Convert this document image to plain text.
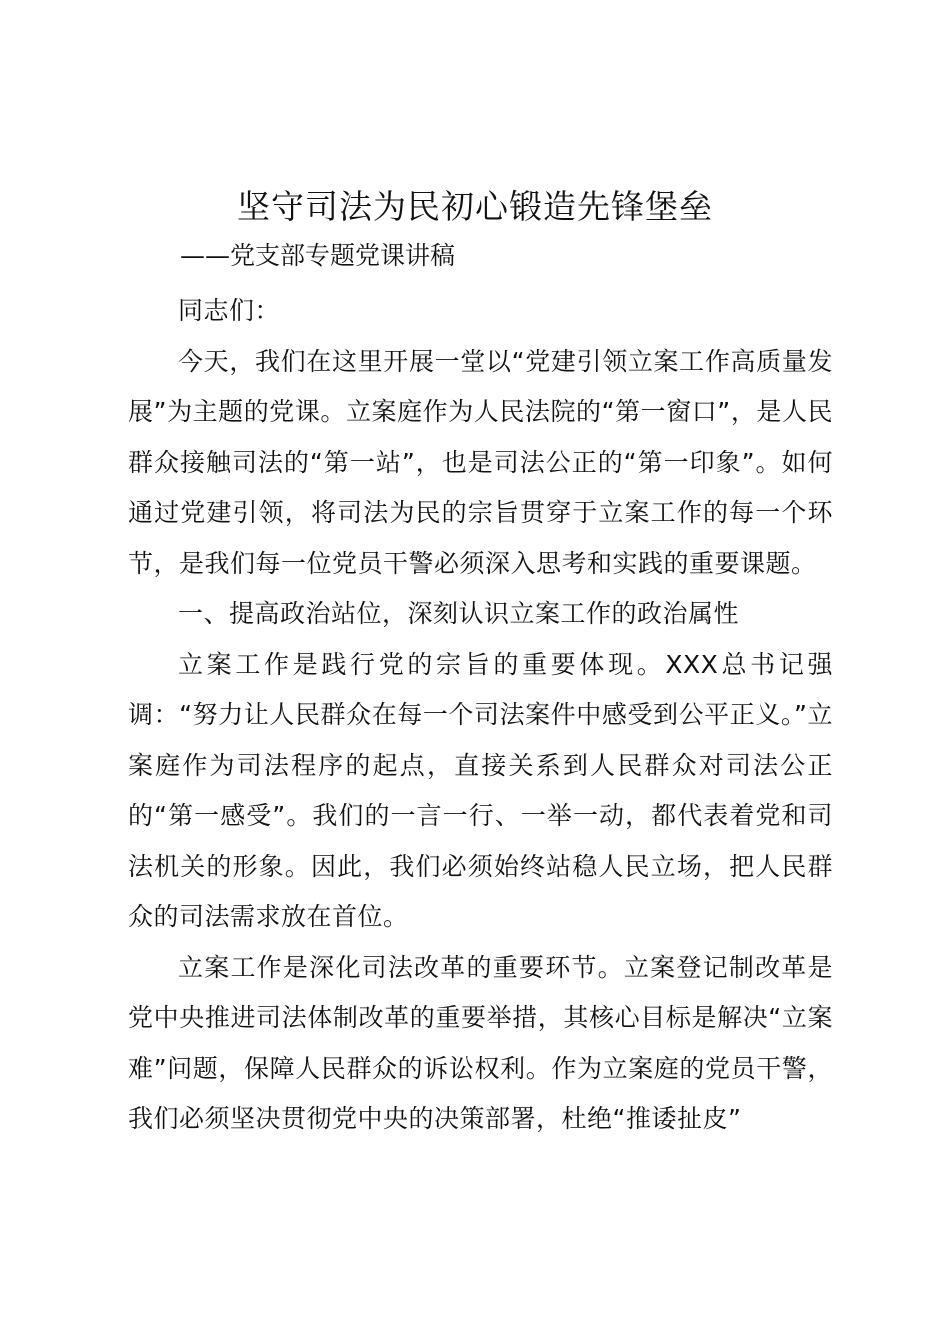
坚守司法为民初心锻造先锋堡垒
——党支部专题党课讲稿

同志们：

今天，我们在这里开展一堂以“党建引领立案工作高质量发展”为主题的党课。立案庭作为人民法院的“第一窗口”，是人民群众接触司法的“第一站”，也是司法公正的“第一印象”。如何通过党建引领，将司法为民的宗旨贯穿于立案工作的每一个环节，是我们每一位党员干警必须深入思考和实践的重要课题。

一、提高政治站位，深刻认识立案工作的政治属性

立案工作是践行党的宗旨的重要体现。XXX总书记强调：“努力让人民群众在每一个司法案件中感受到公平正义。”立案庭作为司法程序的起点，直接关系到人民群众对司法公正的“第一感受”。我们的一言一行、一举一动，都代表着党和司法机关的形象。因此，我们必须始终站稳人民立场，把人民群众的司法需求放在首位。

立案工作是深化司法改革的重要环节。立案登记制改革是党中央推进司法体制改革的重要举措，其核心目标是解决“立案难”问题，保障人民群众的诉讼权利。作为立案庭的党员干警，我们必须坚决贯彻党中央的决策部署，杜绝“推诿扯皮”
